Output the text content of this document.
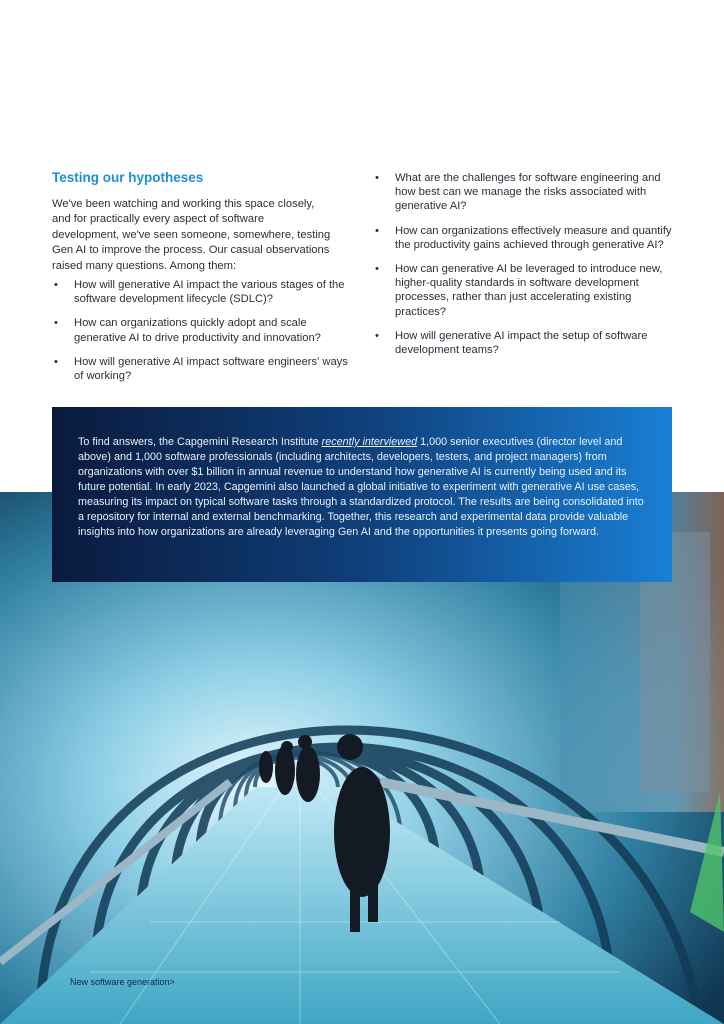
Testing our hypotheses

We've been watching and working this space closely, and for practically every aspect of software development, we've seen someone, somewhere, testing Gen AI to improve the process. Our casual observations raised many questions. Among them:

• How will generative AI impact the various stages of the software development lifecycle (SDLC)?
• How can organizations quickly adopt and scale generative AI to drive productivity and innovation?
• How will generative AI impact software engineers' ways of working?
• What are the challenges for software engineering and how best can we manage the risks associated with generative AI?
• How can organizations effectively measure and quantify the productivity gains achieved through generative AI?
• How can generative AI be leveraged to introduce new, higher-quality standards in software development processes, rather than just accelerating existing practices?
• How will generative AI impact the setup of software development teams?

To find answers, the Capgemini Research Institute recently interviewed 1,000 senior executives (director level and above) and 1,000 software professionals (including architects, developers, testers, and project managers) from organizations with over $1 billion in annual revenue to understand how generative AI is currently being used and its future potential. In early 2023, Capgemini also launched a global initiative to experiment with generative AI use cases, measuring its impact on typical software tasks through a standardized protocol. The results are being consolidated into a repository for internal and external benchmarking. Together, this research and experimental data provide valuable insights into how organizations are already leveraging Gen AI and the opportunities it presents going forward.

New software generation>
